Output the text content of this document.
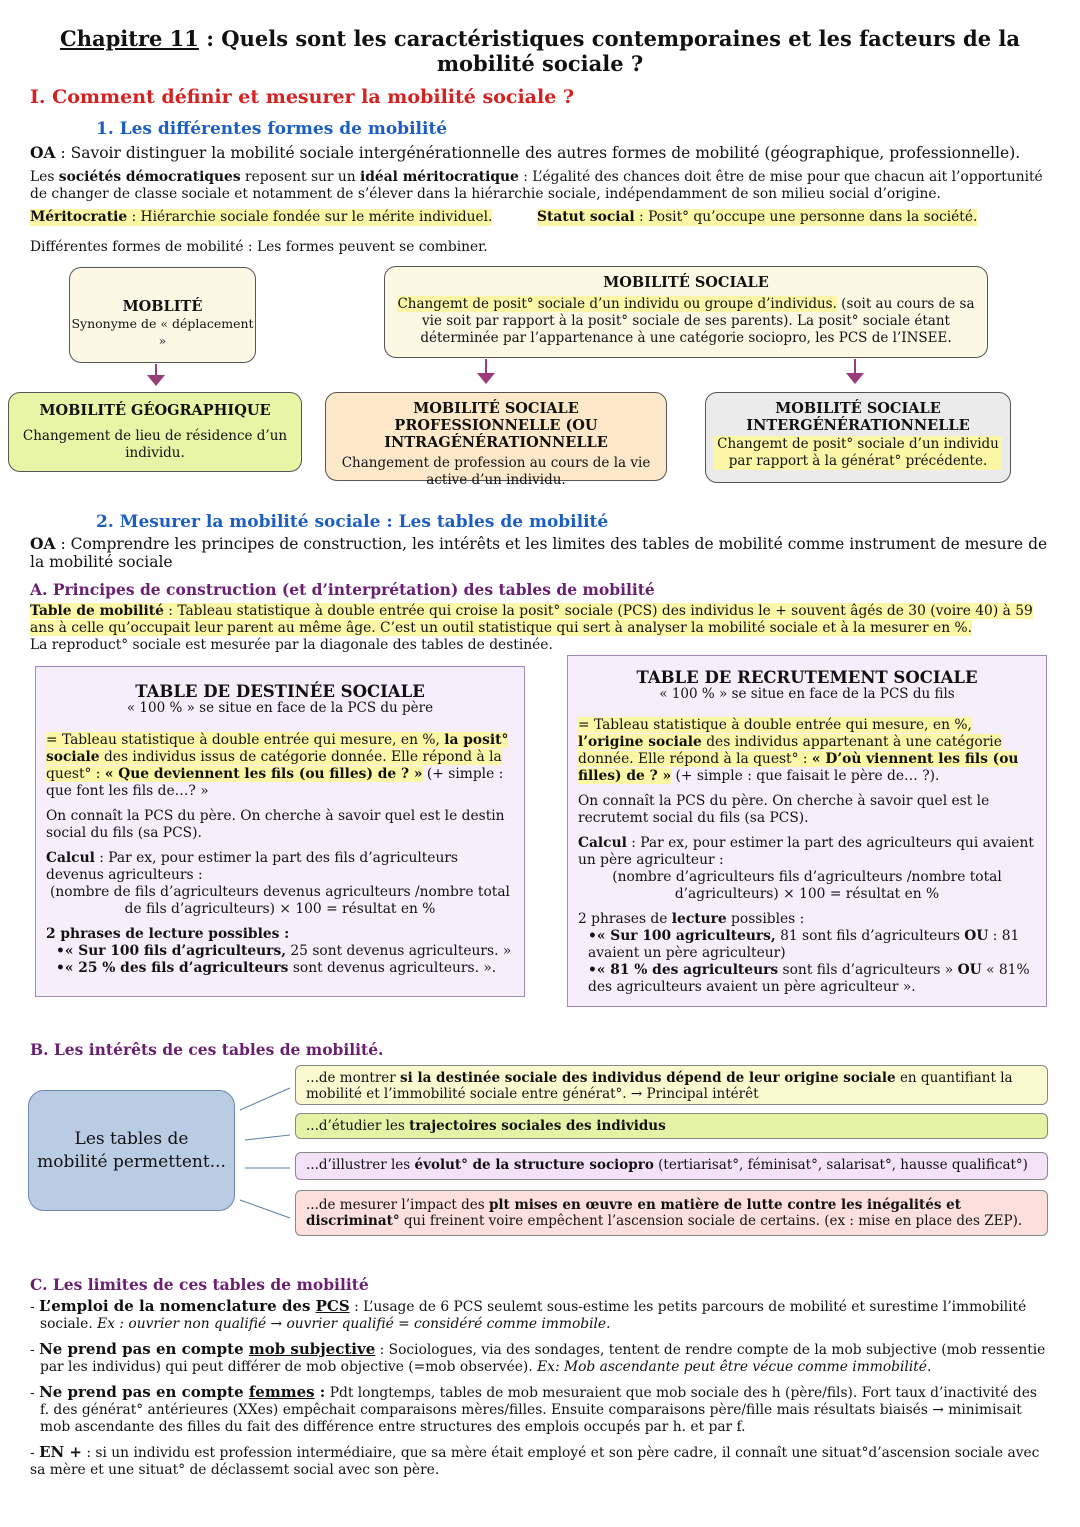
Chapitre 11 : Quels sont les caractéristiques contemporaines et les facteurs de la mobilité sociale ?
I. Comment définir et mesurer la mobilité sociale ?
1. Les différentes formes de mobilité
OA : Savoir distinguer la mobilité sociale intergénérationnelle des autres formes de mobilité (géographique, professionnelle).
Les sociétés démocratiques reposent sur un idéal méritocratique : L’égalité des chances doit être de mise pour que chacun ait l’opportunité de changer de classe sociale et notamment de s’élever dans la hiérarchie sociale, indépendamment de son milieu social d’origine.
Méritocratie : Hiérarchie sociale fondée sur le mérite individuel.	Statut social : Posit° qu’occupe une personne dans la société.
Différentes formes de mobilité : Les formes peuvent se combiner.
MOBLITÉ
Synonyme de « déplacement »
MOBILITÉ SOCIALE
Changemt de posit° sociale d’un individu ou groupe d’individus. (soit au cours de sa vie soit par rapport à la posit° sociale de ses parents). La posit° sociale étant déterminée par l’appartenance à une catégorie sociopro, les PCS de l’INSEE.
MOBILITÉ GÉOGRAPHIQUE
Changement de lieu de résidence d’un individu.
MOBILITÉ SOCIALE PROFESSIONNELLE (OU INTRAGÉNÉRATIONNELLE
Changement de profession au cours de la vie active d’un individu.
MOBILITÉ SOCIALE INTERGÉNÉRATIONNELLE
Changemt de posit° sociale d’un individu par rapport à la générat° précédente.
2. Mesurer la mobilité sociale : Les tables de mobilité
OA : Comprendre les principes de construction, les intérêts et les limites des tables de mobilité comme instrument de mesure de la mobilité sociale
A. Principes de construction (et d’interprétation) des tables de mobilité
Table de mobilité : Tableau statistique à double entrée qui croise la posit° sociale (PCS) des individus le + souvent âgés de 30 (voire 40) à 59 ans à celle qu’occupait leur parent au même âge. C’est un outil statistique qui sert à analyser la mobilité sociale et à la mesurer en %.
La reproduct° sociale est mesurée par la diagonale des tables de destinée.
TABLE DE DESTINÉE SOCIALE
« 100 % » se situe en face de la PCS du père
= Tableau statistique à double entrée qui mesure, en %, la posit° sociale des individus issus de catégorie donnée. Elle répond à la quest° : « Que deviennent les fils (ou filles) de ? » (+ simple : que font les fils de…? »
On connaît la PCS du père. On cherche à savoir quel est le destin social du fils (sa PCS).
Calcul : Par ex, pour estimer la part des fils d’agriculteurs devenus agriculteurs :
(nombre de fils d’agriculteurs devenus agriculteurs /nombre total de fils d’agriculteurs) × 100 = résultat en %
2 phrases de lecture possibles :
• « Sur 100 fils d’agriculteurs, 25 sont devenus agriculteurs. »
• « 25 % des fils d’agriculteurs sont devenus agriculteurs. ».
TABLE DE RECRUTEMENT SOCIALE
« 100 % » se situe en face de la PCS du fils
= Tableau statistique à double entrée qui mesure, en %, l’origine sociale des individus appartenant à une catégorie donnée. Elle répond à la quest° : « D’où viennent les fils (ou filles) de ? » (+ simple : que faisait le père de… ?).
On connaît la PCS du père. On cherche à savoir quel est le recrutemt social du fils (sa PCS).
Calcul : Par ex, pour estimer la part des agriculteurs qui avaient un père agriculteur :
(nombre d’agriculteurs fils d’agriculteurs /nombre total d’agriculteurs) × 100 = résultat en %
2 phrases de lecture possibles :
• « Sur 100 agriculteurs, 81 sont fils d’agriculteurs OU : 81 avaient un père agriculteur)
• « 81 % des agriculteurs sont fils d’agriculteurs » OU « 81% des agriculteurs avaient un père agriculteur ».
B. Les intérêts de ces tables de mobilité.
Les tables de mobilité permettent...
...de montrer si la destinée sociale des individus dépend de leur origine sociale en quantifiant la mobilité et l’immobilité sociale entre générat°. → Principal intérêt
...d’étudier les trajectoires sociales des individus
...d’illustrer les évolut° de la structure sociopro (tertiarisat°, féminisat°, salarisat°, hausse qualificat°)
...de mesurer l’impact des plt mises en œuvre en matière de lutte contre les inégalités et discriminat° qui freinent voire empêchent l’ascension sociale de certains. (ex : mise en place des ZEP).
C. Les limites de ces tables de mobilité
- L’emploi de la nomenclature des PCS : L’usage de 6 PCS seulemt sous-estime les petits parcours de mobilité et surestime l’immobilité sociale. Ex : ouvrier non qualifié → ouvrier qualifié = considéré comme immobile.
- Ne prend pas en compte mob subjective : Sociologues, via des sondages, tentent de rendre compte de la mob subjective (mob ressentie par les individus) qui peut différer de mob objective (=mob observée). Ex: Mob ascendante peut être vécue comme immobilité.
- Ne prend pas en compte femmes : Pdt longtemps, tables de mob mesuraient que mob sociale des h (père/fils). Fort taux d’inactivité des f. des générat° antérieures (XXes) empêchait comparaisons mères/filles. Ensuite comparaisons père/fille mais résultats biaisés → minimisait mob ascendante des filles du fait des différence entre structures des emplois occupés par h. et par f.
- EN + : si un individu est profession intermédiaire, que sa mère était employé et son père cadre, il connaît une situat°d’ascension sociale avec sa mère et une situat° de déclassemt social avec son père.
